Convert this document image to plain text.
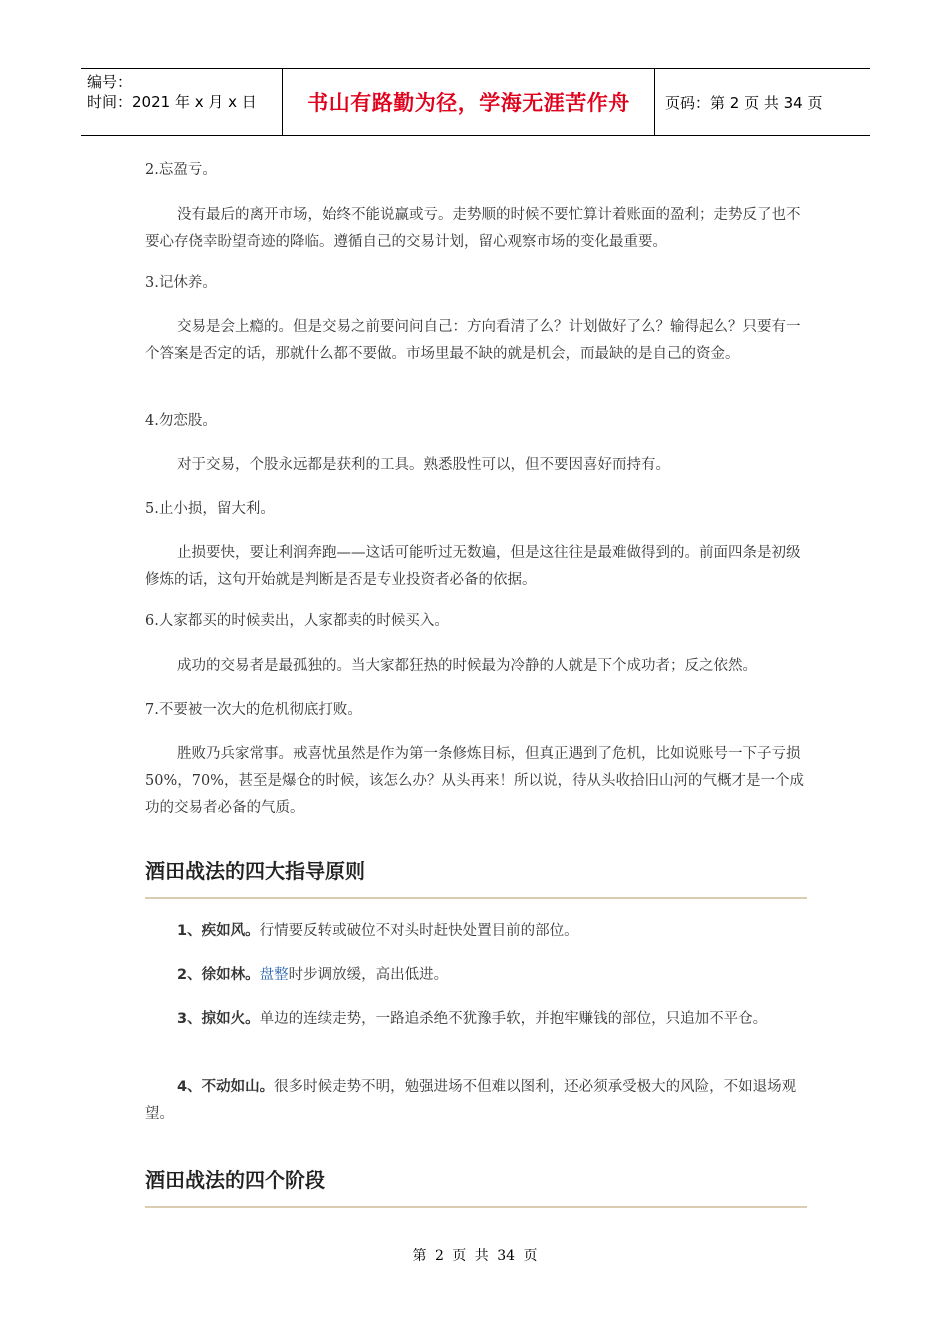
编号：
时间：2021 年 x 月 x 日	书山有路勤为径，学海无涯苦作舟	页码：第 2 页 共 34 页
2.忘盈亏。
没有最后的离开市场，始终不能说赢或亏。走势顺的时候不要忙算计着账面的盈利；走势反了也不要心存侥幸盼望奇迹的降临。遵循自己的交易计划，留心观察市场的变化最重要。
3.记休养。
交易是会上瘾的。但是交易之前要问问自己：方向看清了么？计划做好了么？输得起么？只要有一个答案是否定的话，那就什么都不要做。市场里最不缺的就是机会，而最缺的是自己的资金。
4.勿恋股。
对于交易，个股永远都是获利的工具。熟悉股性可以，但不要因喜好而持有。
5.止小损，留大利。
止损要快，要让利润奔跑——这话可能听过无数遍，但是这往往是最难做得到的。前面四条是初级修炼的话，这句开始就是判断是否是专业投资者必备的依据。
6.人家都买的时候卖出，人家都卖的时候买入。
成功的交易者是最孤独的。当大家都狂热的时候最为冷静的人就是下个成功者；反之依然。
7.不要被一次大的危机彻底打败。
胜败乃兵家常事。戒喜忧虽然是作为第一条修炼目标，但真正遇到了危机，比如说账号一下子亏损 50%，70%，甚至是爆仓的时候，该怎么办？从头再来！所以说，待从头收拾旧山河的气概才是一个成功的交易者必备的气质。
酒田战法的四大指导原则
1、疾如风。行情要反转或破位不对头时赶快处置目前的部位。
2、徐如林。盘整时步调放缓，高出低进。
3、掠如火。单边的连续走势，一路追杀绝不犹豫手软，并抱牢赚钱的部位，只追加不平仓。
4、不动如山。很多时候走势不明，勉强进场不但难以图利，还必须承受极大的风险，不如退场观望。
酒田战法的四个阶段
第 2 页 共 34 页
